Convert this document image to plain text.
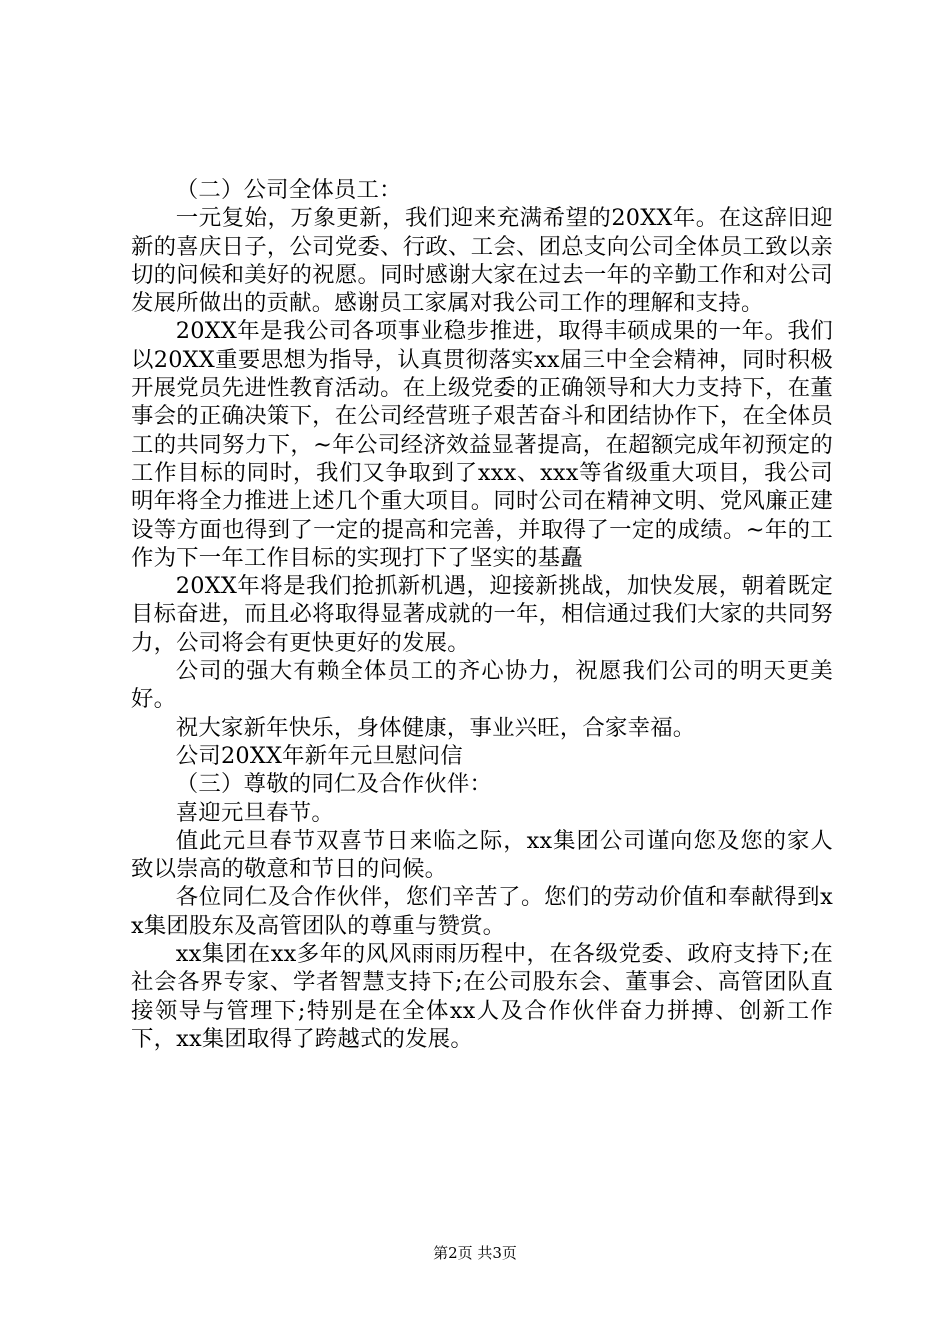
（二）公司全体员工：

一元复始，万象更新，我们迎来充满希望的20XX年。在这辞旧迎新的喜庆日子，公司党委、行政、工会、团总支向公司全体员工致以亲切的问候和美好的祝愿。同时感谢大家在过去一年的辛勤工作和对公司发展所做出的贡献。感谢员工家属对我公司工作的理解和支持。

20XX年是我公司各项事业稳步推进，取得丰硕成果的一年。我们以20XX重要思想为指导，认真贯彻落实xx届三中全会精神，同时积极开展党员先进性教育活动。在上级党委的正确领导和大力支持下，在董事会的正确决策下，在公司经营班子艰苦奋斗和团结协作下，在全体员工的共同努力下，~年公司经济效益显著提高，在超额完成年初预定的工作目标的同时，我们又争取到了xxx、xxx等省级重大项目，我公司明年将全力推进上述几个重大项目。同时公司在精神文明、党风廉正建设等方面也得到了一定的提高和完善，并取得了一定的成绩。~年的工作为下一年工作目标的实现打下了坚实的基矗

20XX年将是我们抢抓新机遇，迎接新挑战，加快发展，朝着既定目标奋进，而且必将取得显著成就的一年，相信通过我们大家的共同努力，公司将会有更快更好的发展。

公司的强大有赖全体员工的齐心协力，祝愿我们公司的明天更美好。

祝大家新年快乐，身体健康，事业兴旺，合家幸福。

公司20XX年新年元旦慰问信

（三）尊敬的同仁及合作伙伴：

喜迎元旦春节。

值此元旦春节双喜节日来临之际，xx集团公司谨向您及您的家人致以崇高的敬意和节日的问候。

各位同仁及合作伙伴，您们辛苦了。您们的劳动价值和奉献得到xx集团股东及高管团队的尊重与赞赏。

xx集团在xx多年的风风雨雨历程中，在各级党委、政府支持下;在社会各界专家、学者智慧支持下;在公司股东会、董事会、高管团队直接领导与管理下;特别是在全体xx人及合作伙伴奋力拼搏、创新工作下，xx集团取得了跨越式的发展。

第2页 共3页
